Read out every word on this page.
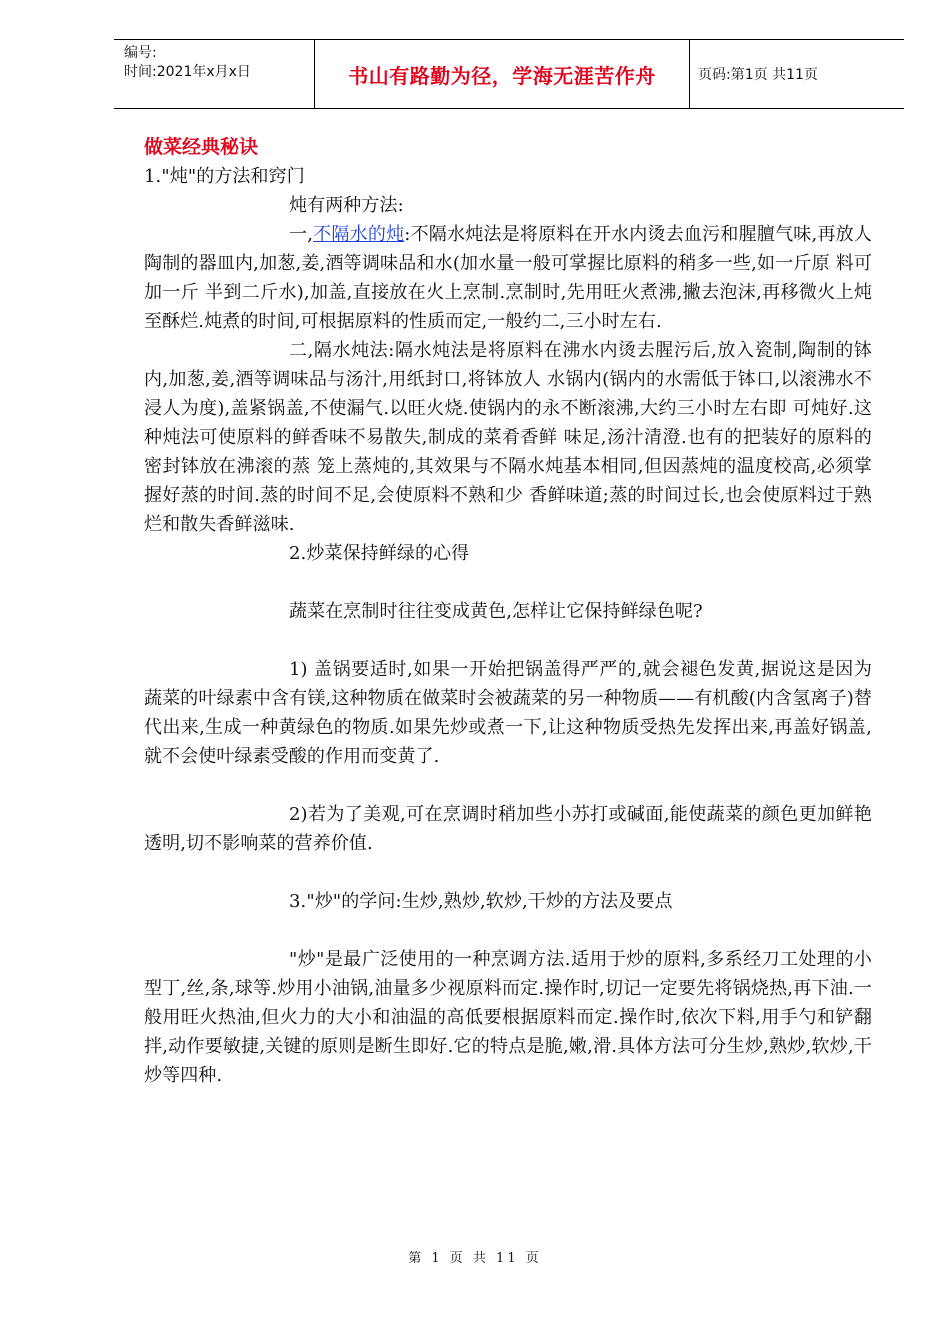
编号:
时间:2021年x月x日	书山有路勤为径，学海无涯苦作舟	页码:第1页 共11页

做菜经典秘诀

1."炖"的方法和窍门

炖有两种方法:

一,不隔水的炖:不隔水炖法是将原料在开水内烫去血污和腥膻气味,再放人陶制的器皿内,加葱,姜,酒等调味品和水(加水量一般可掌握比原料的稍多一些,如一斤原 料可加一斤 半到二斤水),加盖,直接放在火上烹制.烹制时,先用旺火煮沸,撇去泡沫,再移微火上炖至酥烂.炖煮的时间,可根据原料的性质而定,一般约二,三小时左右.

二,隔水炖法:隔水炖法是将原料在沸水内烫去腥污后,放入瓷制,陶制的钵内,加葱,姜,酒等调味品与汤汁,用纸封口,将钵放人 水锅内(锅内的水需低于钵口,以滚沸水不浸人为度),盖紧锅盖,不使漏气.以旺火烧.使锅内的永不断滚沸,大约三小时左右即 可炖好.这种炖法可使原料的鲜香味不易散失,制成的菜肴香鲜 味足,汤汁清澄.也有的把装好的原料的密封钵放在沸滚的蒸 笼上蒸炖的,其效果与不隔水炖基本相同,但因蒸炖的温度校高,必须掌握好蒸的时间.蒸的时间不足,会使原料不熟和少 香鲜味道;蒸的时间过长,也会使原料过于熟烂和散失香鲜滋味.

2.炒菜保持鲜绿的心得

蔬菜在烹制时往往变成黄色,怎样让它保持鲜绿色呢?

1) 盖锅要适时,如果一开始把锅盖得严严的,就会褪色发黄,据说这是因为蔬菜的叶绿素中含有镁,这种物质在做菜时会被蔬菜的另一种物质——有机酸(内含氢离子)替代出来,生成一种黄绿色的物质.如果先炒或煮一下,让这种物质受热先发挥出来,再盖好锅盖,就不会使叶绿素受酸的作用而变黄了.

2)若为了美观,可在烹调时稍加些小苏打或碱面,能使蔬菜的颜色更加鲜艳透明,切不影响菜的营养价值.

3."炒"的学问:生炒,熟炒,软炒,干炒的方法及要点

"炒"是最广泛使用的一种烹调方法.适用于炒的原料,多系经刀工处理的小型丁,丝,条,球等.炒用小油锅,油量多少视原料而定.操作时,切记一定要先将锅烧热,再下油.一般用旺火热油,但火力的大小和油温的高低要根据原料而定.操作时,依次下料,用手勺和铲翻拌,动作要敏捷,关键的原则是断生即好.它的特点是脆,嫩,滑.具体方法可分生炒,熟炒,软炒,干炒等四种.

第 1 页 共 11 页
